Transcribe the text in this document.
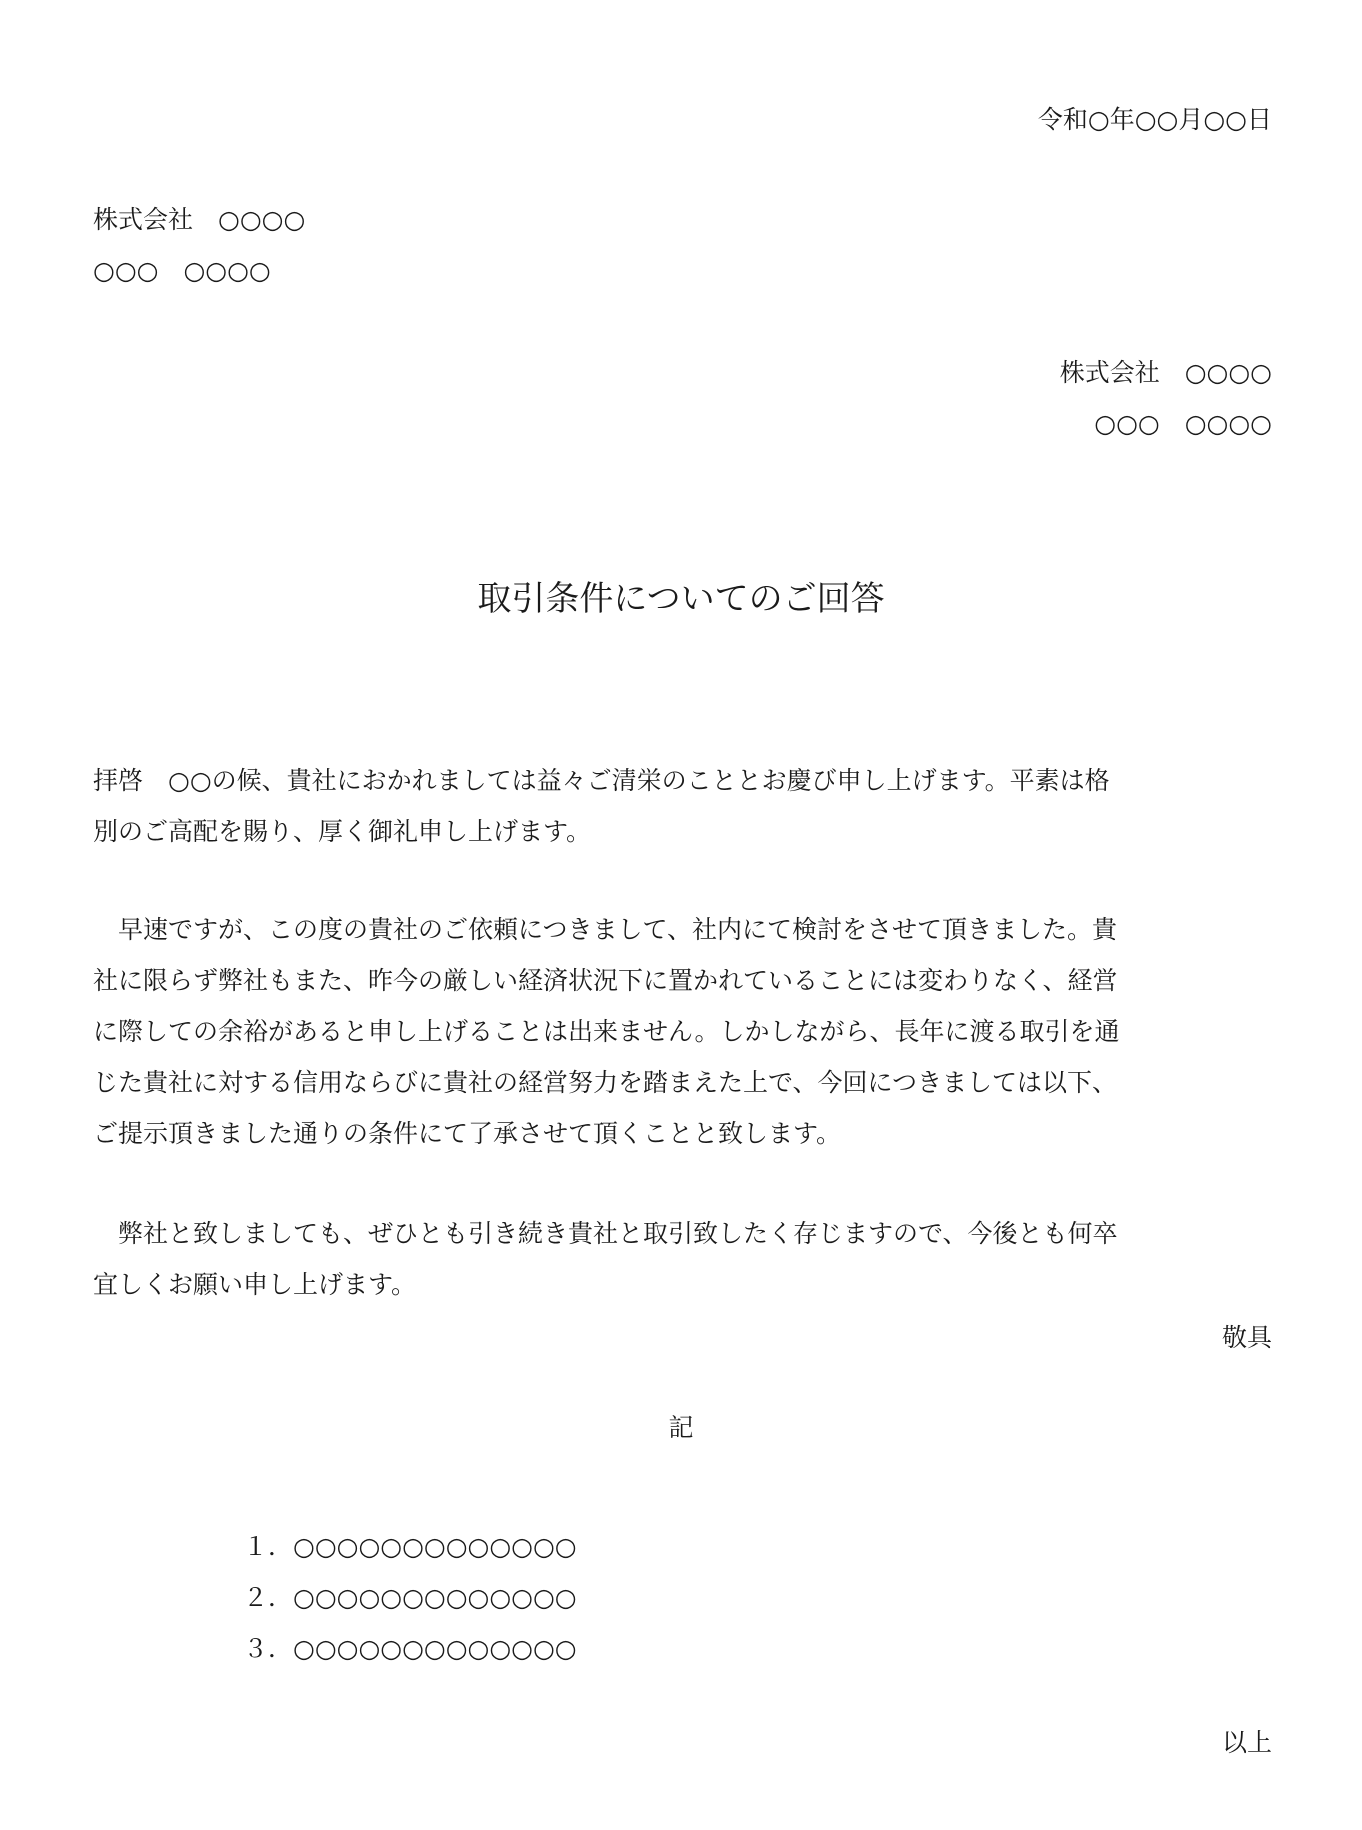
令和○年○○月○○日
株式会社　○○○○
○○○　○○○○
株式会社　○○○○
○○○　○○○○
取引条件についてのご回答
拝啓　○○の候、貴社におかれましては益々ご清栄のこととお慶び申し上げます。平素は格
別のご高配を賜り、厚く御礼申し上げます。
　早速ですが、この度の貴社のご依頼につきまして、社内にて検討をさせて頂きました。貴
社に限らず弊社もまた、昨今の厳しい経済状況下に置かれていることには変わりなく、経営
に際しての余裕があると申し上げることは出来ません。しかしながら、長年に渡る取引を通
じた貴社に対する信用ならびに貴社の経営努力を踏まえた上で、今回につきましては以下、
ご提示頂きました通りの条件にて了承させて頂くことと致します。
　弊社と致しましても、ぜひとも引き続き貴社と取引致したく存じますので、今後とも何卒
宜しくお願い申し上げます。
敬具
記
１．○○○○○○○○○○○○○
２．○○○○○○○○○○○○○
３．○○○○○○○○○○○○○
以上
